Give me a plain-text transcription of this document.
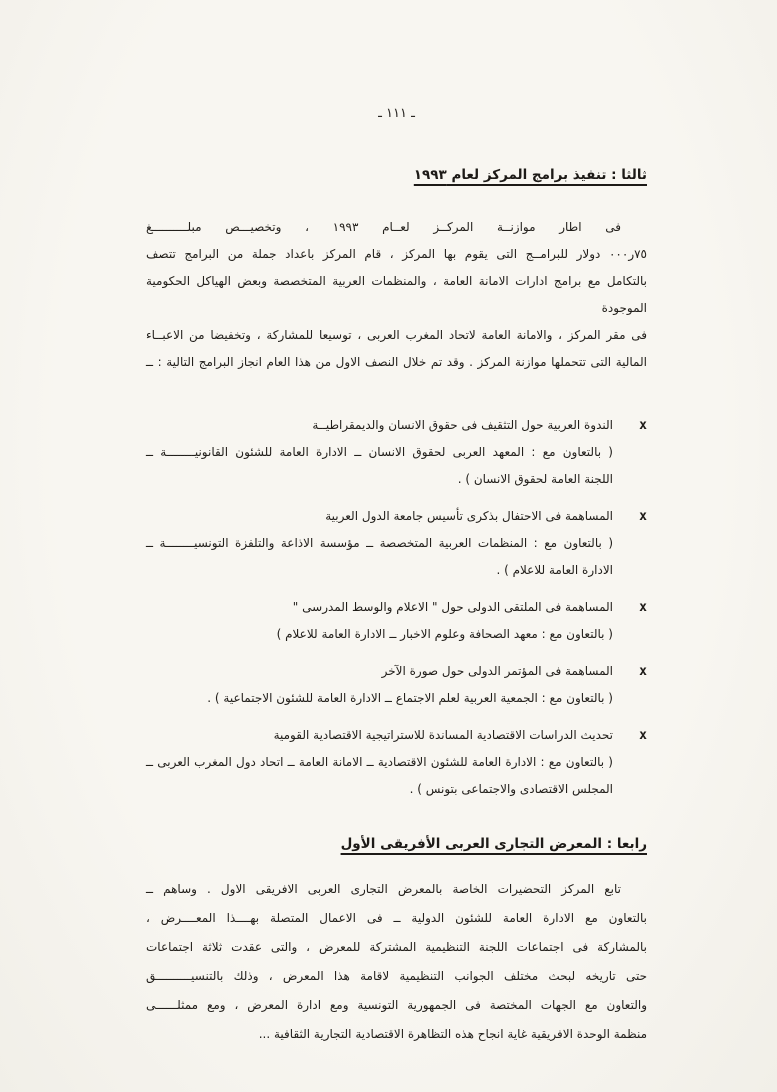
ـ ١١١ ـ
ثالثا : تنفيذ برامج المركز لعام ١٩٩٣
فى اطار موازنــة المركــز لعــام ١٩٩٣ ، وتخصيـــص مبلــــــــــغ
٧٥ر٠٠٠ دولار للبرامــج التى يقوم بها المركز ، قام المركز باعداد جملة من البرامج تتصف
بالتكامل مع برامج ادارات الامانة العامة ، والمنظمات العربية المتخصصة وبعض الهياكل الحكومية الموجودة
فى مقر المركز ، والامانة العامة لاتحاد المغرب العربى ، توسيعا للمشاركة ، وتخفيضا من الاعبــاء
المالية التى تتحملها موازنة المركز . وقد تم خلال النصف الاول من هذا العام انجاز البرامج التالية : ــ
x
الندوة العربية حول التثقيف فى حقوق الانسان والديمقراطيــة
( بالتعاون مع : المعهد العربى لحقوق الانسان ــ الادارة العامة للشئون القانونيــــــــة ــ
اللجنة العامة لحقوق الانسان ) .
x
المساهمة فى الاحتفال بذكرى تأسيس جامعة الدول العربية
( بالتعاون مع : المنظمات العربية المتخصصة ــ مؤسسة الاذاعة والتلفزة التونسيــــــــة ــ
الادارة العامة للاعلام ) .
x
المساهمة فى الملتقى الدولى حول " الاعلام والوسط المدرسى "
( بالتعاون مع : معهد الصحافة وعلوم الاخبار ــ الادارة العامة للاعلام )
x
المساهمة فى المؤتمر الدولى حول صورة الآخر
( بالتعاون مع : الجمعية العربية لعلم الاجتماع ــ الادارة العامة للشئون الاجتماعية ) .
x
تحديث الدراسات الاقتصادية المساندة للاستراتيجية الاقتصادية القومية
( بالتعاون مع : الادارة العامة للشئون الاقتصادية ــ الامانة العامة ــ اتحاد دول المغرب العربى ــ
المجلس الاقتصادى والاجتماعى بتونس ) .
رابعا : المعرض التجارى العربى الأفريقى الأول
تابع المركز التحضيرات الخاصة بالمعرض التجارى العربى الافريقى الاول . وساهم ــ
بالتعاون مع الادارة العامة للشئون الدولية ــ فى الاعمال المتصلة بهــــذا المعــــرض ،
بالمشاركة فى اجتماعات اللجنة التنظيمية المشتركة للمعرض ، والتى عقدت ثلاثة اجتماعات
حتى تاريخه لبحث مختلف الجوانب التنظيمية لاقامة هذا المعرض ، وذلك بالتنسيــــــــــق
والتعاون مع الجهات المختصة فى الجمهورية التونسية ومع ادارة المعرض ، ومع ممثلــــــى
منظمة الوحدة الافريقية غاية انجاح هذه التظاهرة الاقتصادية التجارية الثقافية ...
